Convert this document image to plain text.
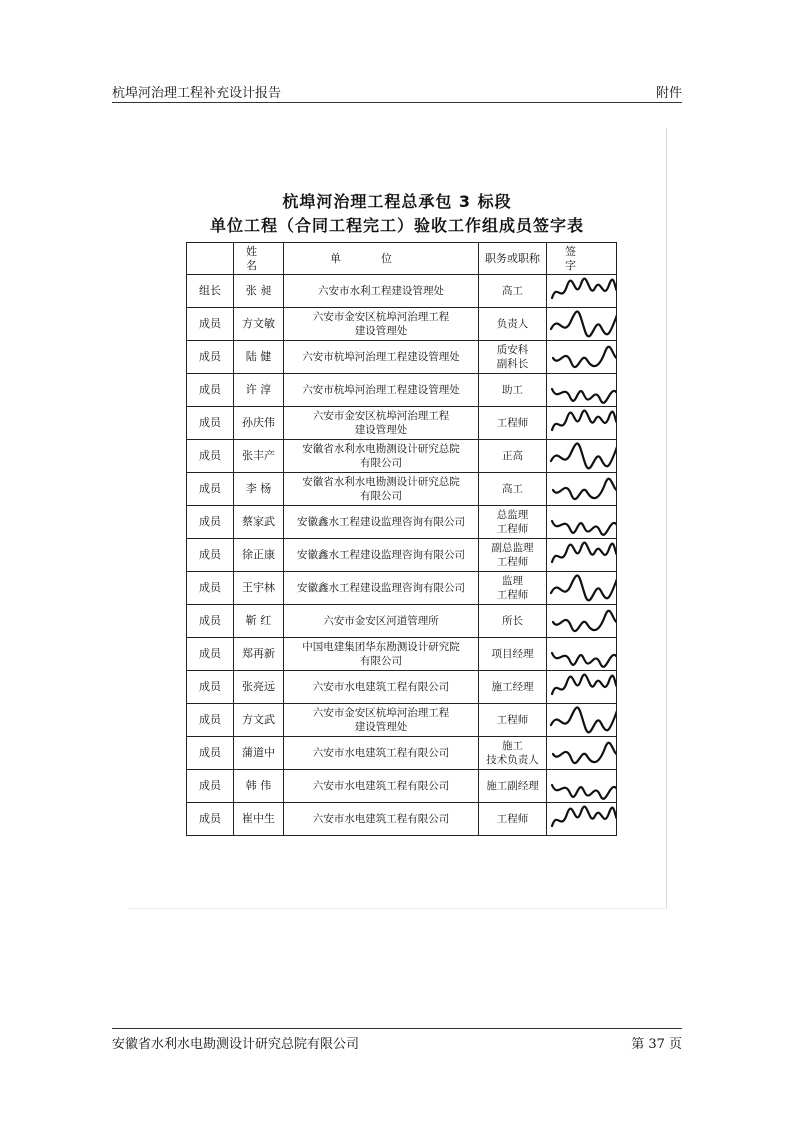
杭埠河治理工程补充设计报告	附件
杭埠河治理工程总承包 3 标段
单位工程（合同工程完工）验收工作组成员签字表
	姓名	单位	职务或职称	签字
组长	张 昶	六安市水利工程建设管理处	高工

成员	方文敏	六安市金安区杭埠河治理工程
建设管理处	负责人

成员	陆 健	六安市杭埠河治理工程建设管理处	质安科
副科长

成员	许 淳	六安市杭埠河治理工程建设管理处	助工

成员	孙庆伟	六安市金安区杭埠河治理工程
建设管理处	工程师

成员	张丰产	安徽省水利水电勘测设计研究总院
有限公司	正高

成员	李 杨	安徽省水利水电勘测设计研究总院
有限公司	高工

成员	蔡家武	安徽鑫水工程建设监理咨询有限公司	总监理
工程师

成员	徐正康	安徽鑫水工程建设监理咨询有限公司	副总监理
工程师

成员	王宇林	安徽鑫水工程建设监理咨询有限公司	监理
工程师

成员	靳 红	六安市金安区河道管理所	所长

成员	郑再新	中国电建集团华东勘测设计研究院
有限公司	项目经理

成员	张亮远	六安市水电建筑工程有限公司	施工经理

成员	方文武	六安市金安区杭埠河治理工程
建设管理处	工程师

成员	蒲道中	六安市水电建筑工程有限公司	施工
技术负责人

成员	韩 伟	六安市水电建筑工程有限公司	施工副经理

成员	崔中生	六安市水电建筑工程有限公司	工程师

安徽省水利水电勘测设计研究总院有限公司	第 37 页
